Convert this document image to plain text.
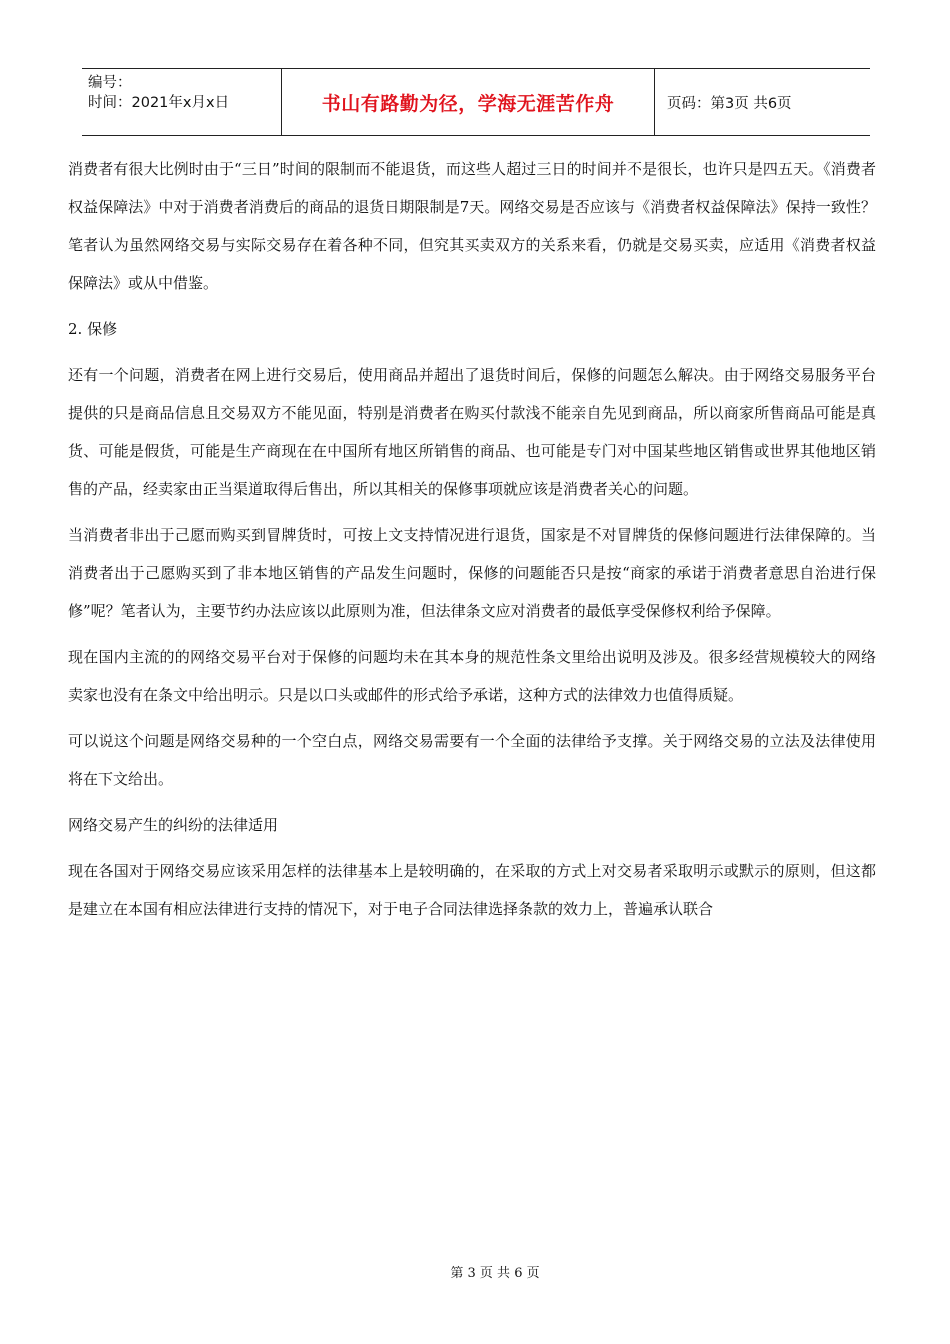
编号：
时间：2021年x月x日	书山有路勤为径，学海无涯苦作舟	页码：第3页 共6页

消费者有很大比例时由于“三日”时间的限制而不能退货，而这些人超过三日的时间并不是很长，也许只是四五天。《消费者权益保障法》中对于消费者消费后的商品的退货日期限制是7天。网络交易是否应该与《消费者权益保障法》保持一致性？笔者认为虽然网络交易与实际交易存在着各种不同，但究其买卖双方的关系来看，仍就是交易买卖，应适用《消费者权益保障法》或从中借鉴。

2. 保修

还有一个问题，消费者在网上进行交易后，使用商品并超出了退货时间后，保修的问题怎么解决。由于网络交易服务平台提供的只是商品信息且交易双方不能见面，特别是消费者在购买付款浅不能亲自先见到商品，所以商家所售商品可能是真货、可能是假货，可能是生产商现在在中国所有地区所销售的商品、也可能是专门对中国某些地区销售或世界其他地区销售的产品，经卖家由正当渠道取得后售出，所以其相关的保修事项就应该是消费者关心的问题。

当消费者非出于己愿而购买到冒牌货时，可按上文支持情况进行退货，国家是不对冒牌货的保修问题进行法律保障的。当消费者出于己愿购买到了非本地区销售的产品发生问题时，保修的问题能否只是按“商家的承诺于消费者意思自治进行保修”呢？笔者认为，主要节约办法应该以此原则为准，但法律条文应对消费者的最低享受保修权利给予保障。

现在国内主流的的网络交易平台对于保修的问题均未在其本身的规范性条文里给出说明及涉及。很多经营规模较大的网络卖家也没有在条文中给出明示。只是以口头或邮件的形式给予承诺，这种方式的法律效力也值得质疑。

可以说这个问题是网络交易种的一个空白点，网络交易需要有一个全面的法律给予支撑。关于网络交易的立法及法律使用将在下文给出。

网络交易产生的纠纷的法律适用

现在各国对于网络交易应该采用怎样的法律基本上是较明确的，在采取的方式上对交易者采取明示或默示的原则，但这都是建立在本国有相应法律进行支持的情况下，对于电子合同法律选择条款的效力上，普遍承认联合

第 3 页 共 6 页
